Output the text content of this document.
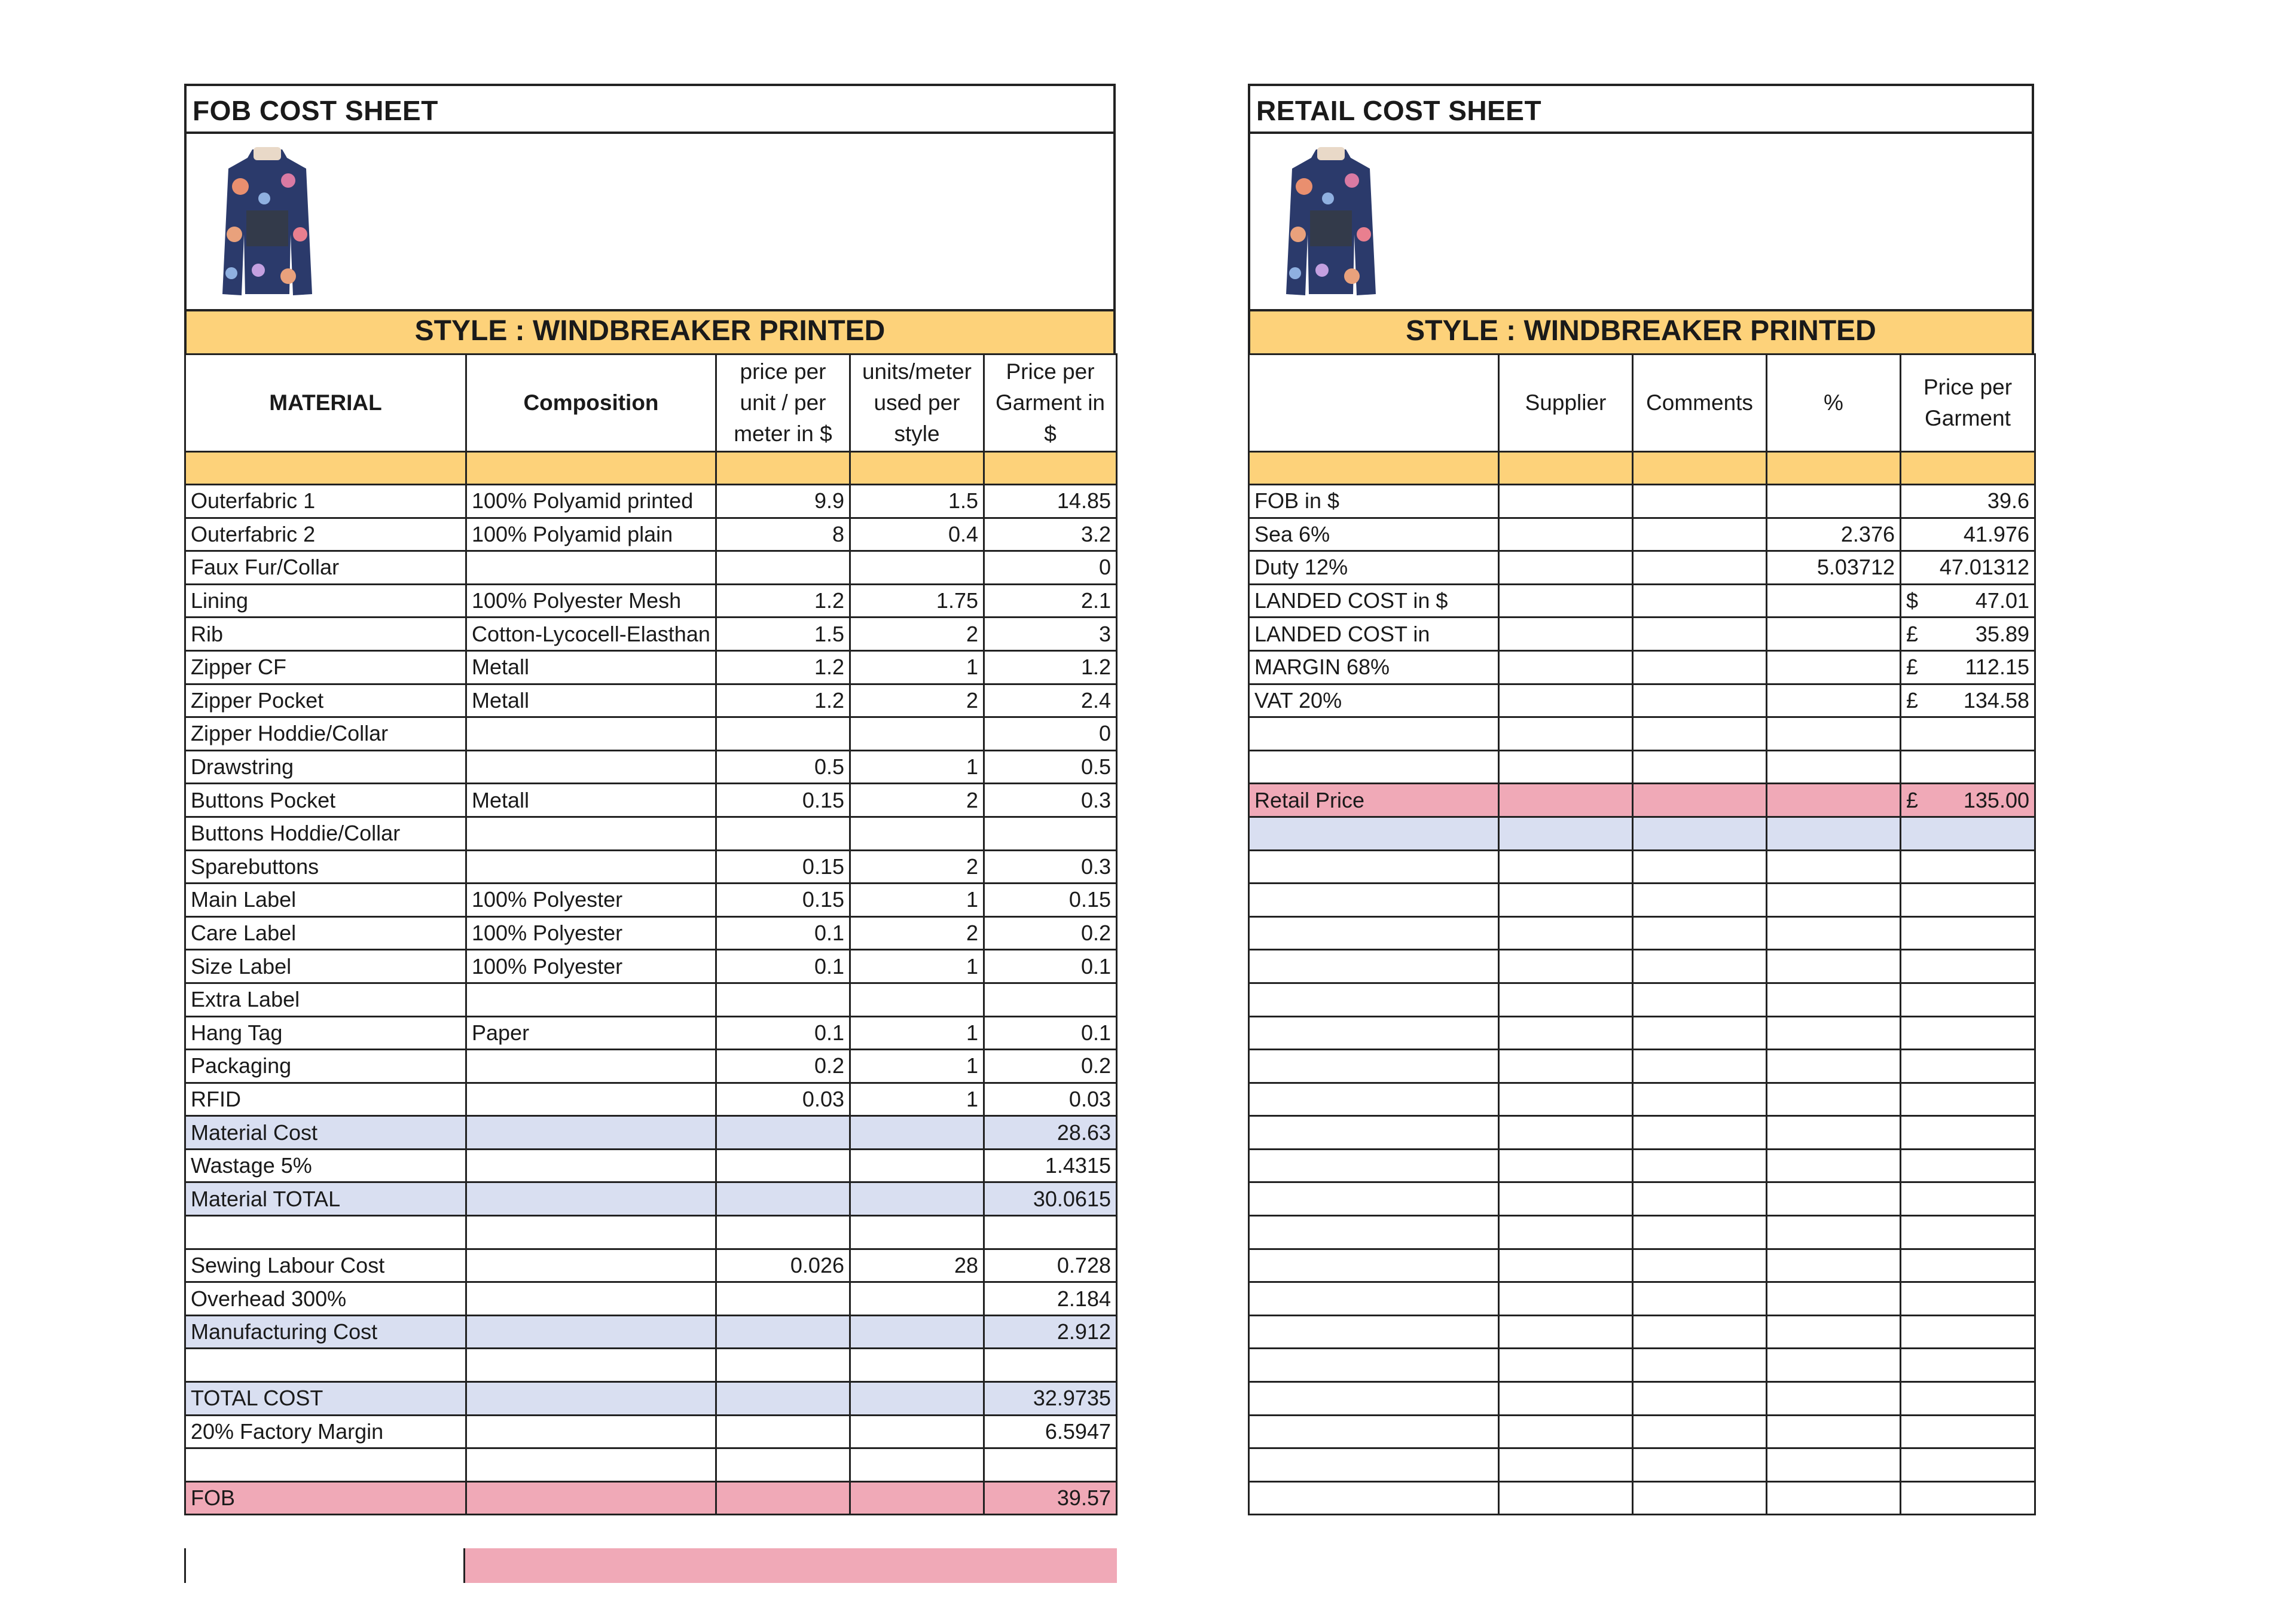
FOB COST SHEET
STYLE : WINDBREAKER PRINTED
MATERIAL	Composition	price per unit / per meter in $	units/meter used per style	Price per Garment in $

Outerfabric 1	100% Polyamid printed	9.9	1.5	14.85
Outerfabric 2	100% Polyamid plain	8	0.4	3.2
Faux Fur/Collar				0
Lining	100% Polyester Mesh	1.2	1.75	2.1
Rib	Cotton-Lycocell-Elasthan	1.5	2	3
Zipper CF	Metall	1.2	1	1.2
Zipper Pocket	Metall	1.2	2	2.4
Zipper Hoddie/Collar				0
Drawstring		0.5	1	0.5
Buttons Pocket	Metall	0.15	2	0.3
Buttons Hoddie/Collar				
Sparebuttons		0.15	2	0.3
Main Label	100% Polyester	0.15	1	0.15
Care Label	100% Polyester	0.1	2	0.2
Size Label	100% Polyester	0.1	1	0.1
Extra Label				
Hang Tag	Paper	0.1	1	0.1
Packaging		0.2	1	0.2
RFID		0.03	1	0.03
Material Cost				28.63
Wastage 5%				1.4315
Material TOTAL				30.0615

Sewing Labour Cost		0.026	28	0.728
Overhead 300%				2.184
Manufacturing Cost				2.912

TOTAL COST				32.9735
20% Factory Margin				6.5947

FOB				39.57
RETAIL COST SHEET
STYLE : WINDBREAKER PRINTED
	Supplier	Comments	%	Price per Garment

FOB in $				39.6

Sea 6%			2.376	41.976

Duty 12%			5.03712	47.01312

LANDED COST in $				$ 47.01

LANDED COST in				£ 35.89

MARGIN 68%				£ 112.15

VAT 20%				£ 134.58

Retail Price				£ 135.00
